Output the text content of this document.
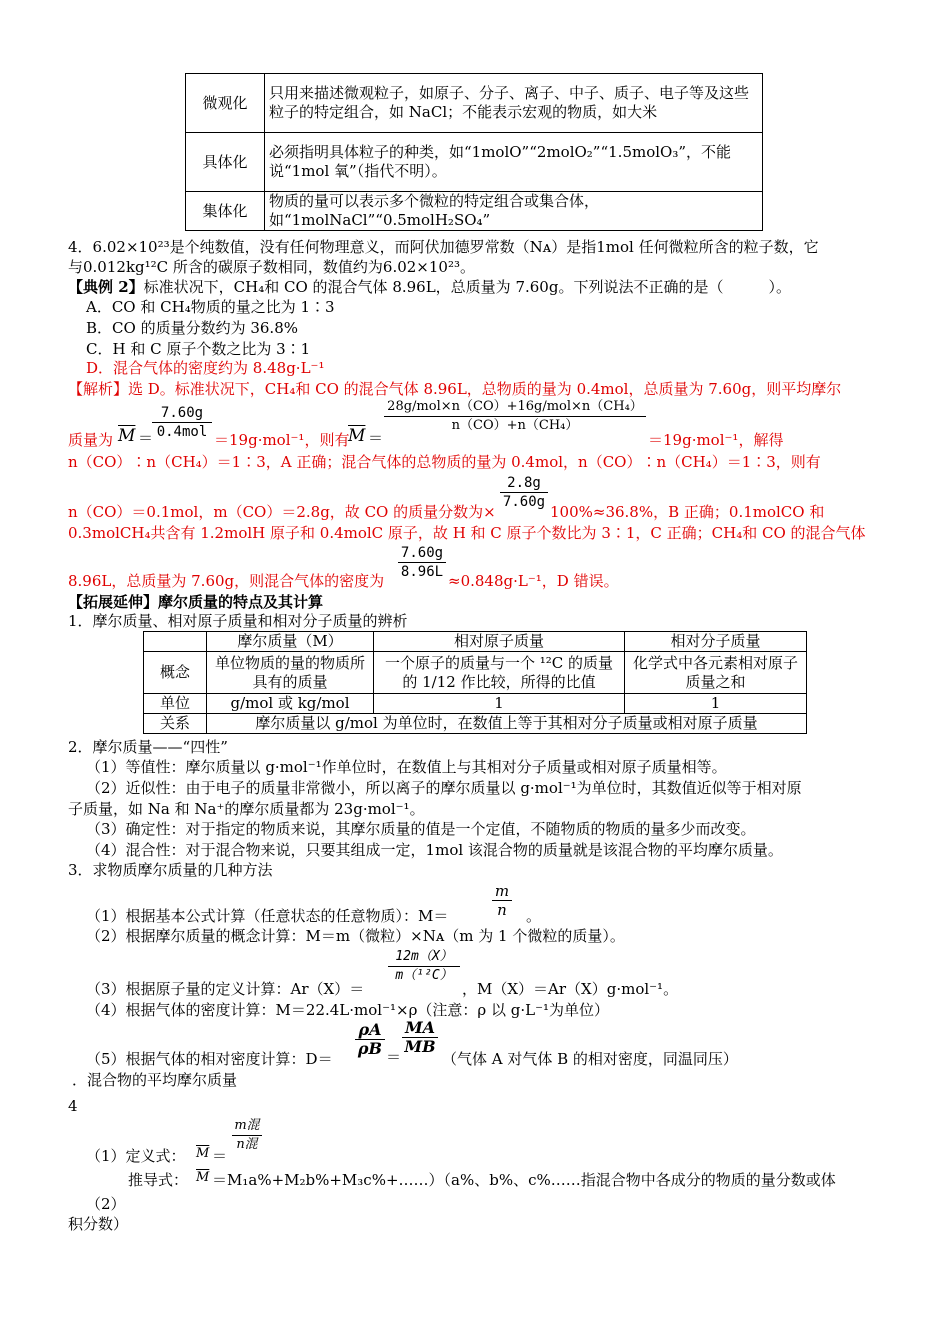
微观化	只用来描述微观粒子，如原子、分子、离子、中子、质子、电子等及这些粒子的特定组合，如 NaCl；不能表示宏观的物质，如大米
具体化	必须指明具体粒子的种类，如“1molO”“2molO₂”“1.5molO₃”，不能说“1mol 氧”（指代不明）。
集体化	物质的量可以表示多个微粒的特定组合或集合体，如“1molNaCl”“0.5molH₂SO₄”
4．6.02×10²³是个纯数值，没有任何物理意义，而阿伏加德罗常数（Nᴀ）是指1mol 任何微粒所含的粒子数，它
与0.012kg¹²C 所含的碳原子数相同，数值约为6.02×10²³。
【典例 2】标准状况下，CH₄和 CO 的混合气体 8.96L，总质量为 7.60g。下列说法不正确的是（　　　）。
A．CO 和 CH₄物质的量之比为 1∶3
B．CO 的质量分数约为 36.8%
C．H 和 C 原子个数之比为 3∶1
D．混合气体的密度约为 8.48g·L⁻¹
【解析】选 D。标准状况下，CH₄和 CO 的混合气体 8.96L，总物质的量为 0.4mol，总质量为 7.60g，则平均摩尔
质量为 $\overline{M}$ ＝
7.60g
0.4mol ＝19g·mol⁻¹，则有
$\overline{M}$ ＝
28g/mol×n（CO）+16g/mol×n（CH₄）
n（CO）+n（CH₄）
＝19g·mol⁻¹，解得
n（CO）∶n（CH₄）＝1∶3，A 正确；混合气体的总物质的量为 0.4mol，n（CO）∶n（CH₄）＝1∶3，则有
$\frac{2.8g}{7.60g}$
n（CO）＝0.1mol，m（CO）＝2.8g，故 CO 的质量分数为×	100%≈36.8%，B 正确；0.1molCO 和
0.3molCH₄共含有 1.2molH 原子和 0.4molC 原子，故 H 和 C 原子个数比为 3∶1，C 正确；CH₄和 CO 的混合气体
$\frac{7.60g}{8.96L}$
8.96L，总质量为 7.60g，则混合气体的密度为	≈0.848g·L⁻¹，D 错误。
【拓展延伸】摩尔质量的特点及其计算
1．摩尔质量、相对原子质量和相对分子质量的辨析
	摩尔质量（M）	相对原子质量	相对分子质量
概念	单位物质的量的物质所具有的质量	一个原子的质量与一个 ¹²C 的质量的 1/12 作比较，所得的比值	化学式中各元素相对原子质量之和
单位	g/mol 或 kg/mol	1	1
关系	摩尔质量以 g/mol 为单位时，在数值上等于其相对分子质量或相对原子质量		
2．摩尔质量——“四性”
（1）等值性：摩尔质量以 g·mol⁻¹作单位时，在数值上与其相对分子质量或相对原子质量相等。
（2）近似性：由于电子的质量非常微小，所以离子的摩尔质量以 g·mol⁻¹为单位时，其数值近似等于相对原
子质量，如 Na 和 Na⁺的摩尔质量都为 23g·mol⁻¹。
（3）确定性：对于指定的物质来说，其摩尔质量的值是一个定值，不随物质的物质的量多少而改变。
（4）混合性：对于混合物来说，只要其组成一定，1mol 该混合物的质量就是该混合物的平均摩尔质量。
3．求物质摩尔质量的几种方法
$\frac{m}{n}$
（1）根据基本公式计算（任意状态的任意物质）：M＝	。
（2）根据摩尔质量的概念计算：M＝m（微粒）×Nᴀ（m 为 1 个微粒的质量）。
$\frac{12m(X)}{\text{m（¹²C）}}$
（3）根据原子量的定义计算：Ar（X）＝	，M（X）＝Ar（X）g·mol⁻¹。
（4）根据气体的密度计算：M＝22.4L·mol⁻¹×ρ（注意：ρ 以 g·L⁻¹为单位）
$\frac{\rho A}{\rho B}$ ＝
$\frac{MA}{MB}$
（5）根据气体的相对密度计算：D＝	（气体 A 对气体 B 的相对密度，同温同压）
．混合物的平均摩尔质量
4
m混
n混
（1）定义式： $\overline{M}$ ＝
推导式： $\overline{M}$ ＝M₁a%+M₂b%+M₃c%+……）（a%、b%、c%……指混合物中各成分的物质的量分数或体
（2）
积分数）
